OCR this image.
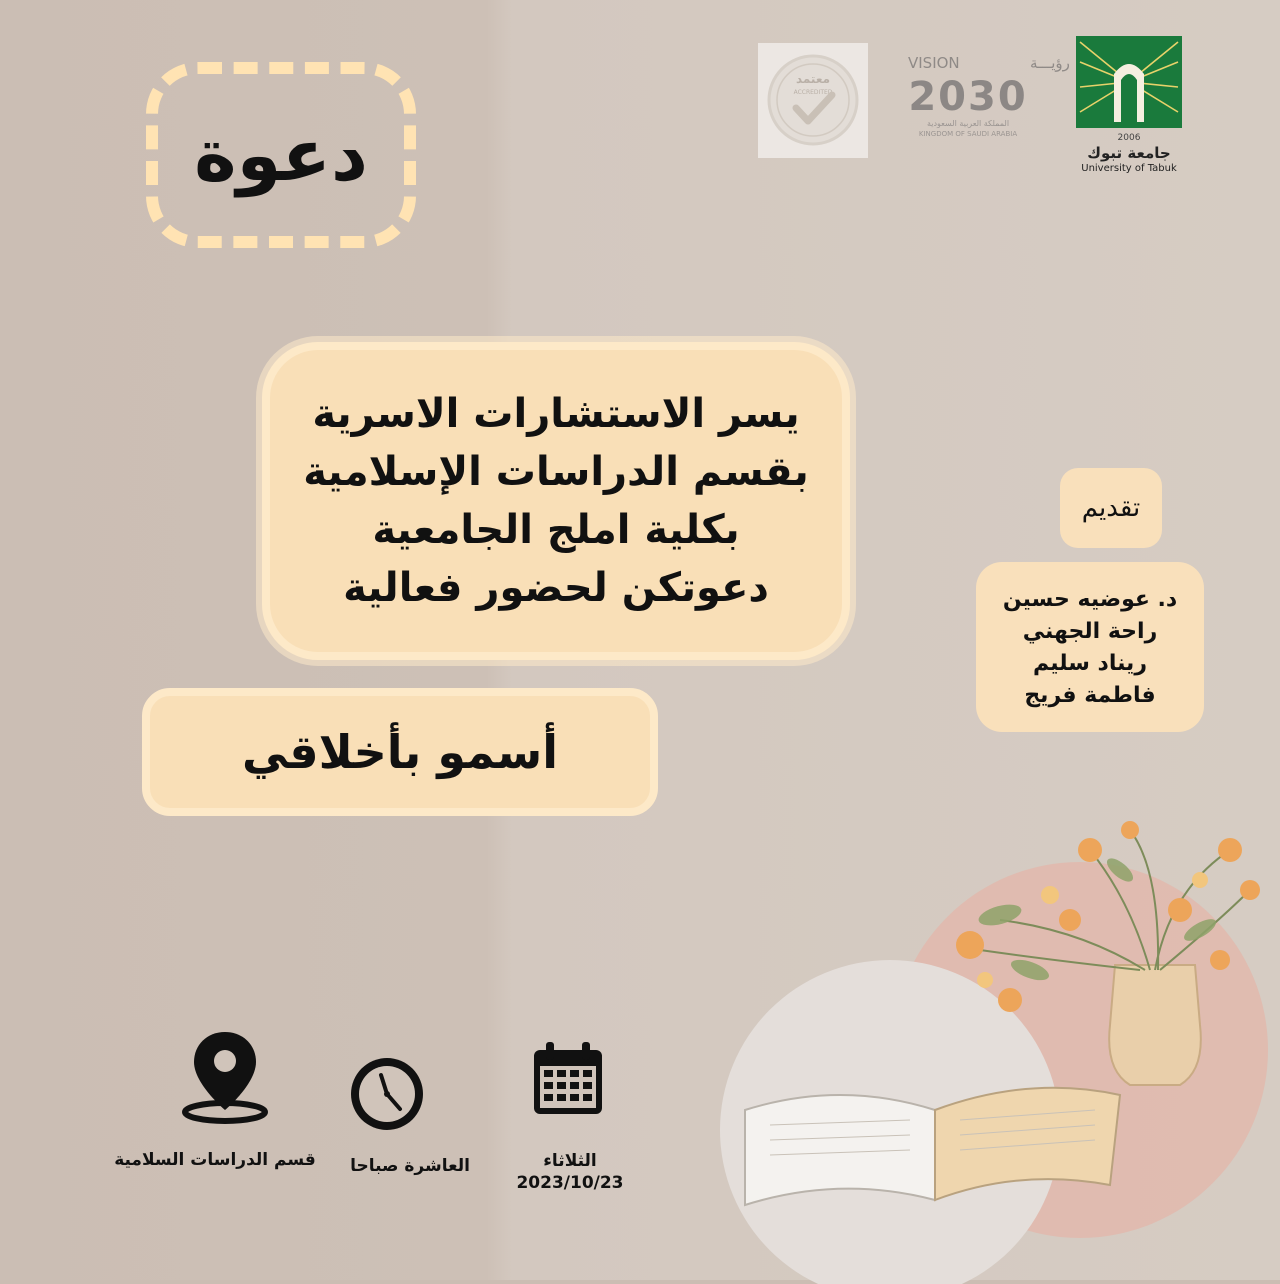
دعوة
معتمد
ACCREDITED
VISION	رؤيـــة
2030
المملكة العربية السعودية
KINGDOM OF SAUDI ARABIA	2006
جامعة تبوك
University of Tabuk
يسر الاستشارات الاسرية
بقسم الدراسات الإسلامية
بكلية املج الجامعية
دعوتكن لحضور فعالية
أسمو بأخلاقي
تقديم
د. عوضيه حسين
راحة الجهني
ريناد سليم
فاطمة فريج
قسم الدراسات السلامية	العاشرة صباحا	الثلاثاء
2023/10/23
